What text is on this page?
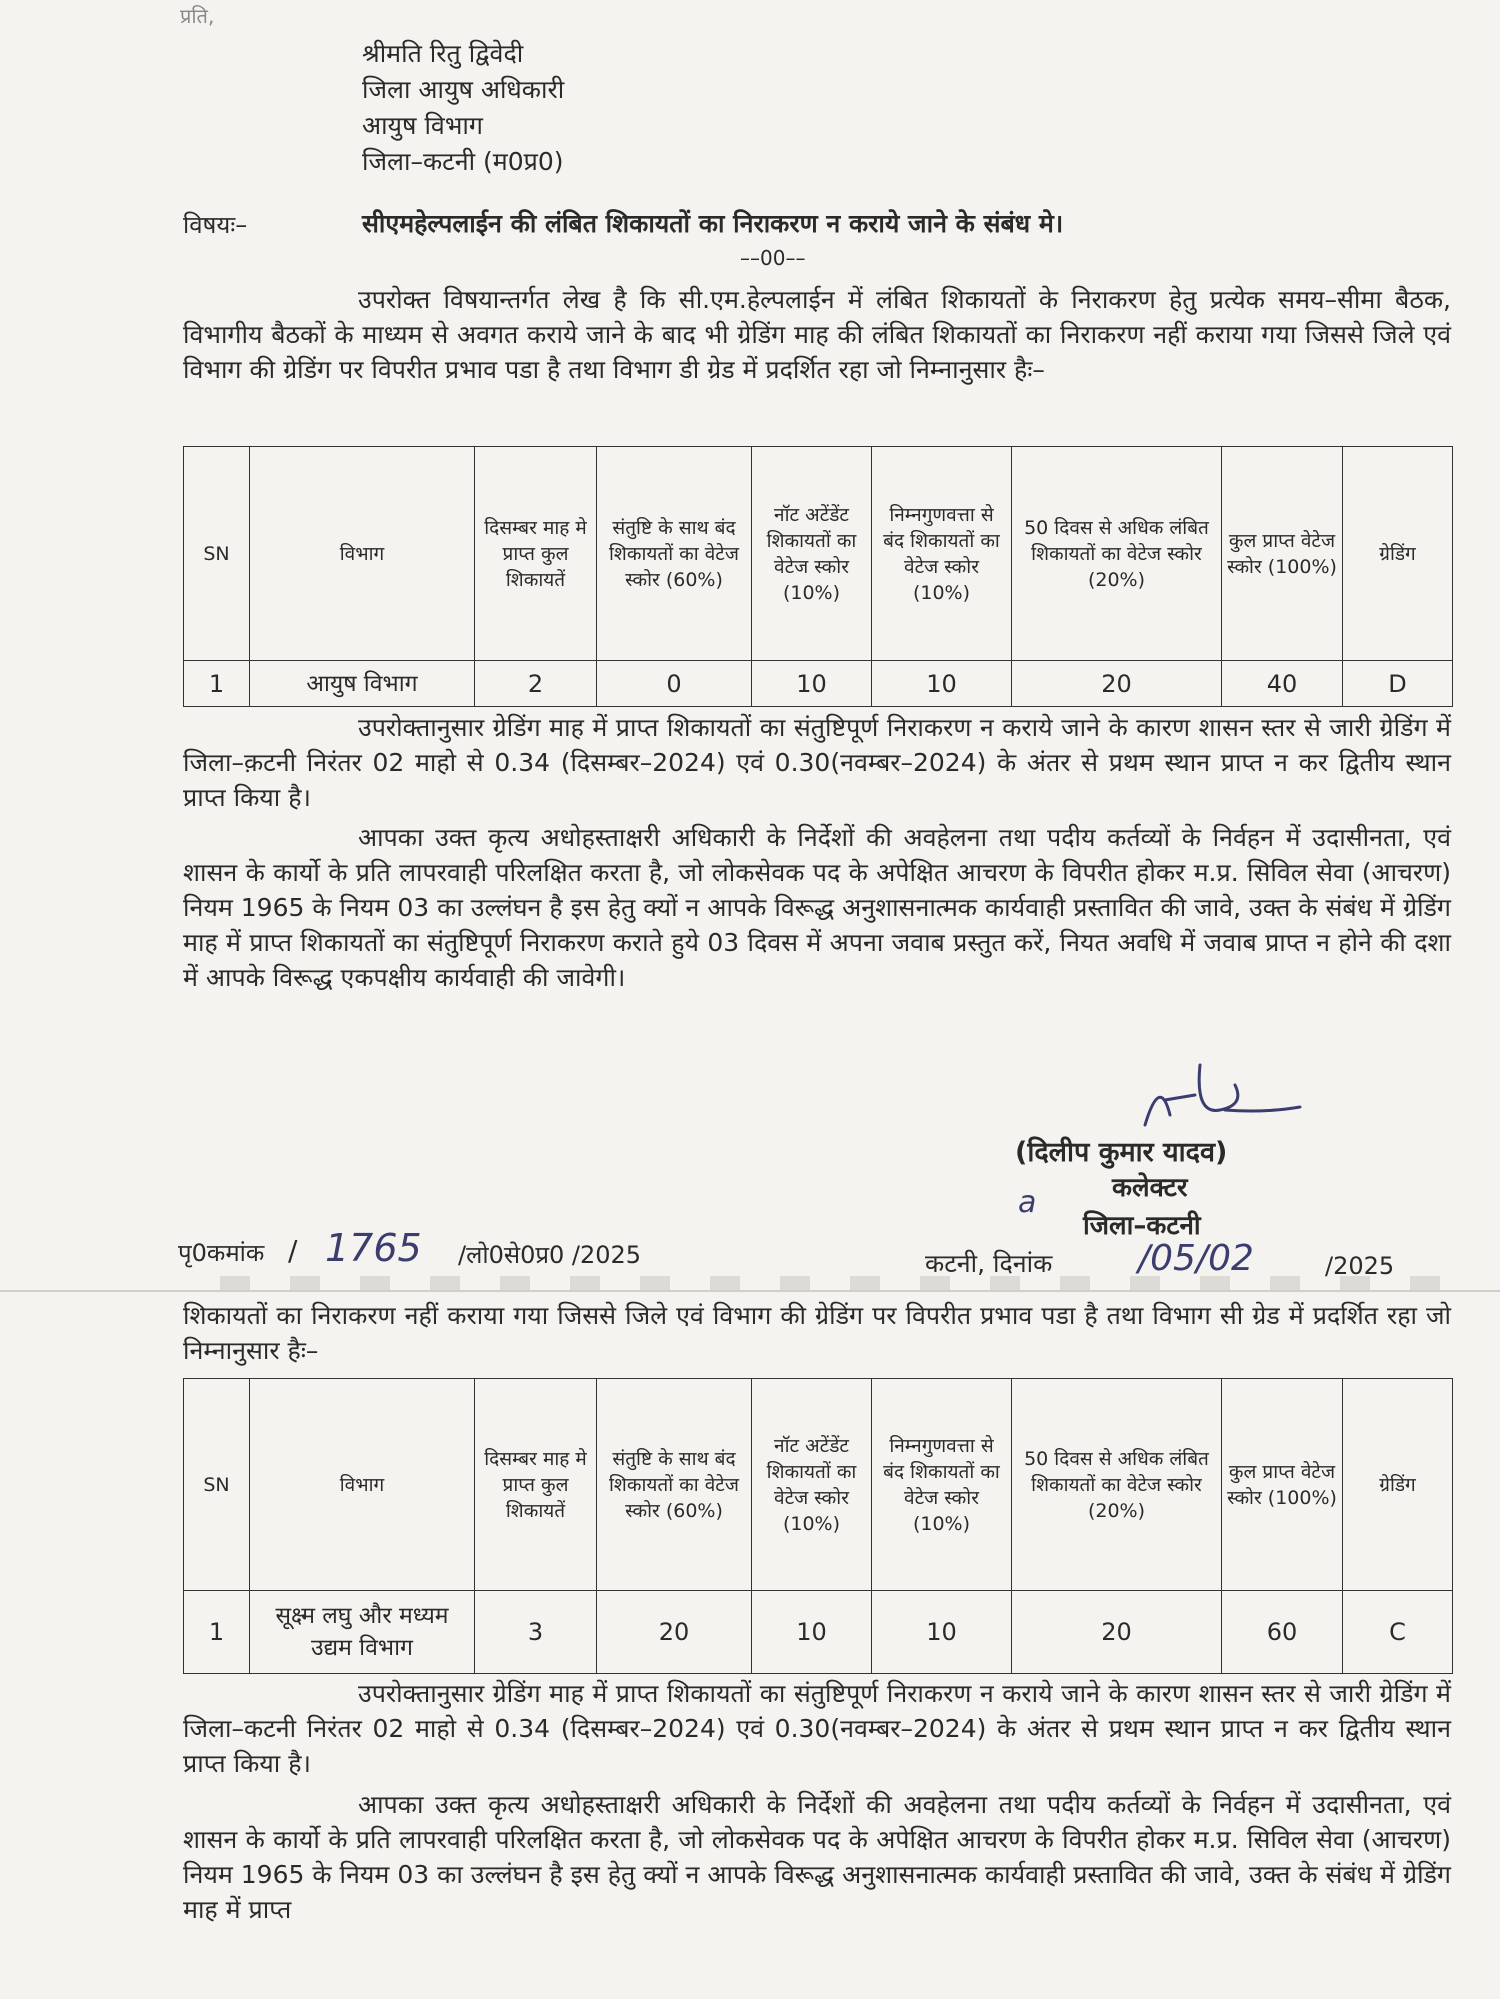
प्रति,
श्रीमति रितु द्विवेदी
जिला आयुष अधिकारी
आयुष विभाग
जिला–कटनी (म0प्र0)
विषयः–	सीएमहेल्पलाईन की लंबित शिकायतों का निराकरण न कराये जाने के संबंध मे।
––00––
उपरोक्त विषयान्तर्गत लेख है कि सी.एम.हेल्पलाईन में लंबित शिकायतों के निराकरण हेतु प्रत्येक समय–सीमा बैठक, विभागीय बैठकों के माध्यम से अवगत कराये जाने के बाद भी ग्रेडिंग माह की लंबित शिकायतों का निराकरण नहीं कराया गया जिससे जिले एवं विभाग की ग्रेडिंग पर विपरीत प्रभाव पडा है तथा विभाग डी ग्रेड में प्रदर्शित रहा जो निम्नानुसार हैः–
SN	विभाग	दिसम्बर माह मे प्राप्त कुल शिकायतें	संतुष्टि के साथ बंद शिकायतों का वेटेज स्कोर (60%)	नॉट अटेंडेंट शिकायतों का वेटेज स्कोर (10%)	निम्नगुणवत्ता से बंद शिकायतों का वेटेज स्कोर (10%)	50 दिवस से अधिक लंबित शिकायतों का वेटेज स्कोर (20%)	कुल प्राप्त वेटेज स्कोर (100%)	ग्रेडिंग
1	आयुष विभाग	2	0	10	10	20	40	D
उपरोक्तानुसार ग्रेडिंग माह में प्राप्त शिकायतों का संतुष्टिपूर्ण निराकरण न कराये जाने के कारण शासन स्तर से जारी ग्रेडिंग में जिला–क़टनी निरंतर 02 माहो से 0.34 (दिसम्बर–2024) एवं 0.30(नवम्बर–2024) के अंतर से प्रथम स्थान प्राप्त न कर द्वितीय स्थान प्राप्त किया है।
आपका उक्त कृत्य अधोहस्ताक्षरी अधिकारी के निर्देशों की अवहेलना तथा पदीय कर्तव्यों के निर्वहन में उदासीनता, एवं शासन के कार्यो के प्रति लापरवाही परिलक्षित करता है, जो लोकसेवक पद के अपेक्षित आचरण के विपरीत होकर म.प्र. सिविल सेवा (आचरण) नियम 1965 के नियम 03 का उल्लंघन है इस हेतु क्यों न आपके विरूद्ध अनुशासनात्मक कार्यवाही प्रस्तावित की जावे, उक्त के संबंध में ग्रेडिंग माह में प्राप्त शिकायतों का संतुष्टिपूर्ण निराकरण कराते हुये 03 दिवस में अपना जवाब प्रस्तुत करें, नियत अवधि में जवाब प्राप्त न होने की दशा में आपके विरूद्ध एकपक्षीय कार्यवाही की जावेगी।
(दिलीप कुमार यादव)
कलेक्टर
जिला–कटनी
a
पृ0कमांक / 1765 /लो0से0प्र0 /2025	कटनी, दिनांक /05/02	/2025
शिकायतों का निराकरण नहीं कराया गया जिससे जिले एवं विभाग की ग्रेडिंग पर विपरीत प्रभाव पडा है तथा विभाग सी ग्रेड में प्रदर्शित रहा जो निम्नानुसार हैः–
SN	विभाग	दिसम्बर माह मे प्राप्त कुल शिकायतें	संतुष्टि के साथ बंद शिकायतों का वेटेज स्कोर (60%)	नॉट अटेंडेंट शिकायतों का वेटेज स्कोर (10%)	निम्नगुणवत्ता से बंद शिकायतों का वेटेज स्कोर (10%)	50 दिवस से अधिक लंबित शिकायतों का वेटेज स्कोर (20%)	कुल प्राप्त वेटेज स्कोर (100%)	ग्रेडिंग
1	सूक्ष्म लघु और मध्यम उद्यम विभाग	3	20	10	10	20	60	C
उपरोक्तानुसार ग्रेडिंग माह में प्राप्त शिकायतों का संतुष्टिपूर्ण निराकरण न कराये जाने के कारण शासन स्तर से जारी ग्रेडिंग में जिला–कटनी निरंतर 02 माहो से 0.34 (दिसम्बर–2024) एवं 0.30(नवम्बर–2024) के अंतर से प्रथम स्थान प्राप्त न कर द्वितीय स्थान प्राप्त किया है।
आपका उक्त कृत्य अधोहस्ताक्षरी अधिकारी के निर्देशों की अवहेलना तथा पदीय कर्तव्यों के निर्वहन में उदासीनता, एवं शासन के कार्यो के प्रति लापरवाही परिलक्षित करता है, जो लोकसेवक पद के अपेक्षित आचरण के विपरीत होकर म.प्र. सिविल सेवा (आचरण) नियम 1965 के नियम 03 का उल्लंघन है इस हेतु क्यों न आपके विरूद्ध अनुशासनात्मक कार्यवाही प्रस्तावित की जावे, उक्त के संबंध में ग्रेडिंग माह में प्राप्त
